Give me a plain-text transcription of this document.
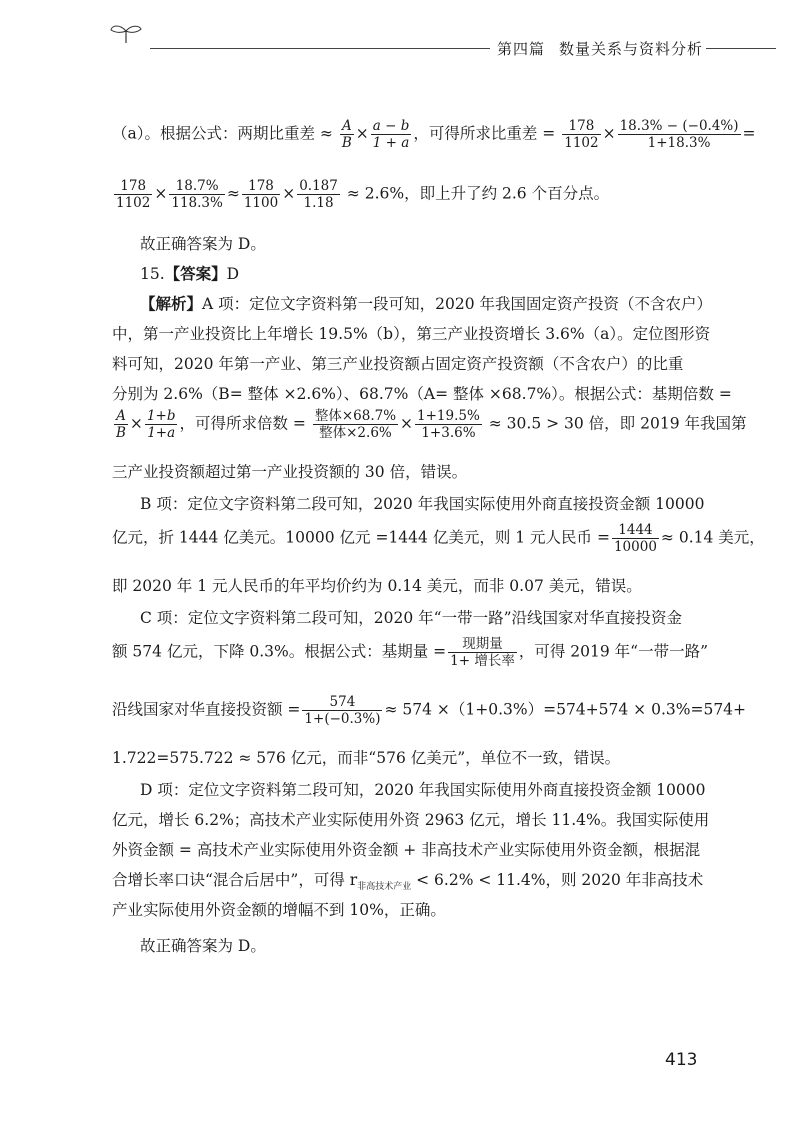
第四篇 数量关系与资料分析
（a）。根据公式：两期比重差 ≈ $\frac{A}{B} \times \frac{a - b}{1 + a}$ ，可得所求比重差 = $\frac{178}{1102} \times \frac{18.3\% - (-0.4\%)}{1+18.3\%}$ =
$\frac{178}{1102} \times \frac{18.7\%}{118.3\%} \approx \frac{178}{1100} \times \frac{0.187}{1.18} \approx 2.6\%$，即上升了约 2.6 个百分点。
故正确答案为 D。
15.【答案】D
【解析】A 项：定位文字资料第一段可知，2020 年我国固定资产投资（不含农户）
中，第一产业投资比上年增长 19.5%（b），第三产业投资增长 3.6%（a）。定位图形资
料可知，2020 年第一产业、第三产业投资额占固定资产投资额（不含农户）的比重
分别为 2.6%（B= 整体 ×2.6%）、68.7%（A= 整体 ×68.7%）。根据公式：基期倍数 =
$\frac{A}{B} \times \frac{1+b}{1+a}$ ，可得所求倍数 = $\frac{\text{整体×68.7\%}}{\text{整体×2.6\%}} \times \frac{1+19.5\%}{1+3.6\%} \approx 30.5 > 30$ 倍，即 2019 年我国第
三产业投资额超过第一产业投资额的 30 倍，错误。
B 项：定位文字资料第二段可知，2020 年我国实际使用外商直接投资金额 10000
亿元，折 1444 亿美元。10000 亿元 =1444 亿美元，则 1 元人民币 = $\frac{1444}{10000} \approx 0.14$ 美元，
即 2020 年 1 元人民币的年平均价约为 0.14 美元，而非 0.07 美元，错误。
C 项：定位文字资料第二段可知，2020 年“一带一路”沿线国家对华直接投资金
额 574 亿元，下降 0.3%。根据公式：基期量 = $\frac{\text{现期量}}{\text{1+ 增长率}}$ ，可得 2019 年“一带一路”
沿线国家对华直接投资额 = $\frac{574}{1+(-0.3\%)} \approx 574 \times(1+0.3\%)=574+574 \times 0.3\%=574+$
1.722=575.722 ≈ 576 亿元，而非“576 亿美元”，单位不一致，错误。
D 项：定位文字资料第二段可知，2020 年我国实际使用外商直接投资金额 10000
亿元，增长 6.2%；高技术产业实际使用外资 2963 亿元，增长 11.4%。我国实际使用
外资金额 = 高技术产业实际使用外资金额 + 非高技术产业实际使用外资金额，根据混
合增长率口诀“混合后居中”，可得 $r_{非高技术产业} < 6.2\% < 11.4\%$，则 2020 年非高技术
产业实际使用外资金额的增幅不到 10%，正确。
故正确答案为 D。
413
